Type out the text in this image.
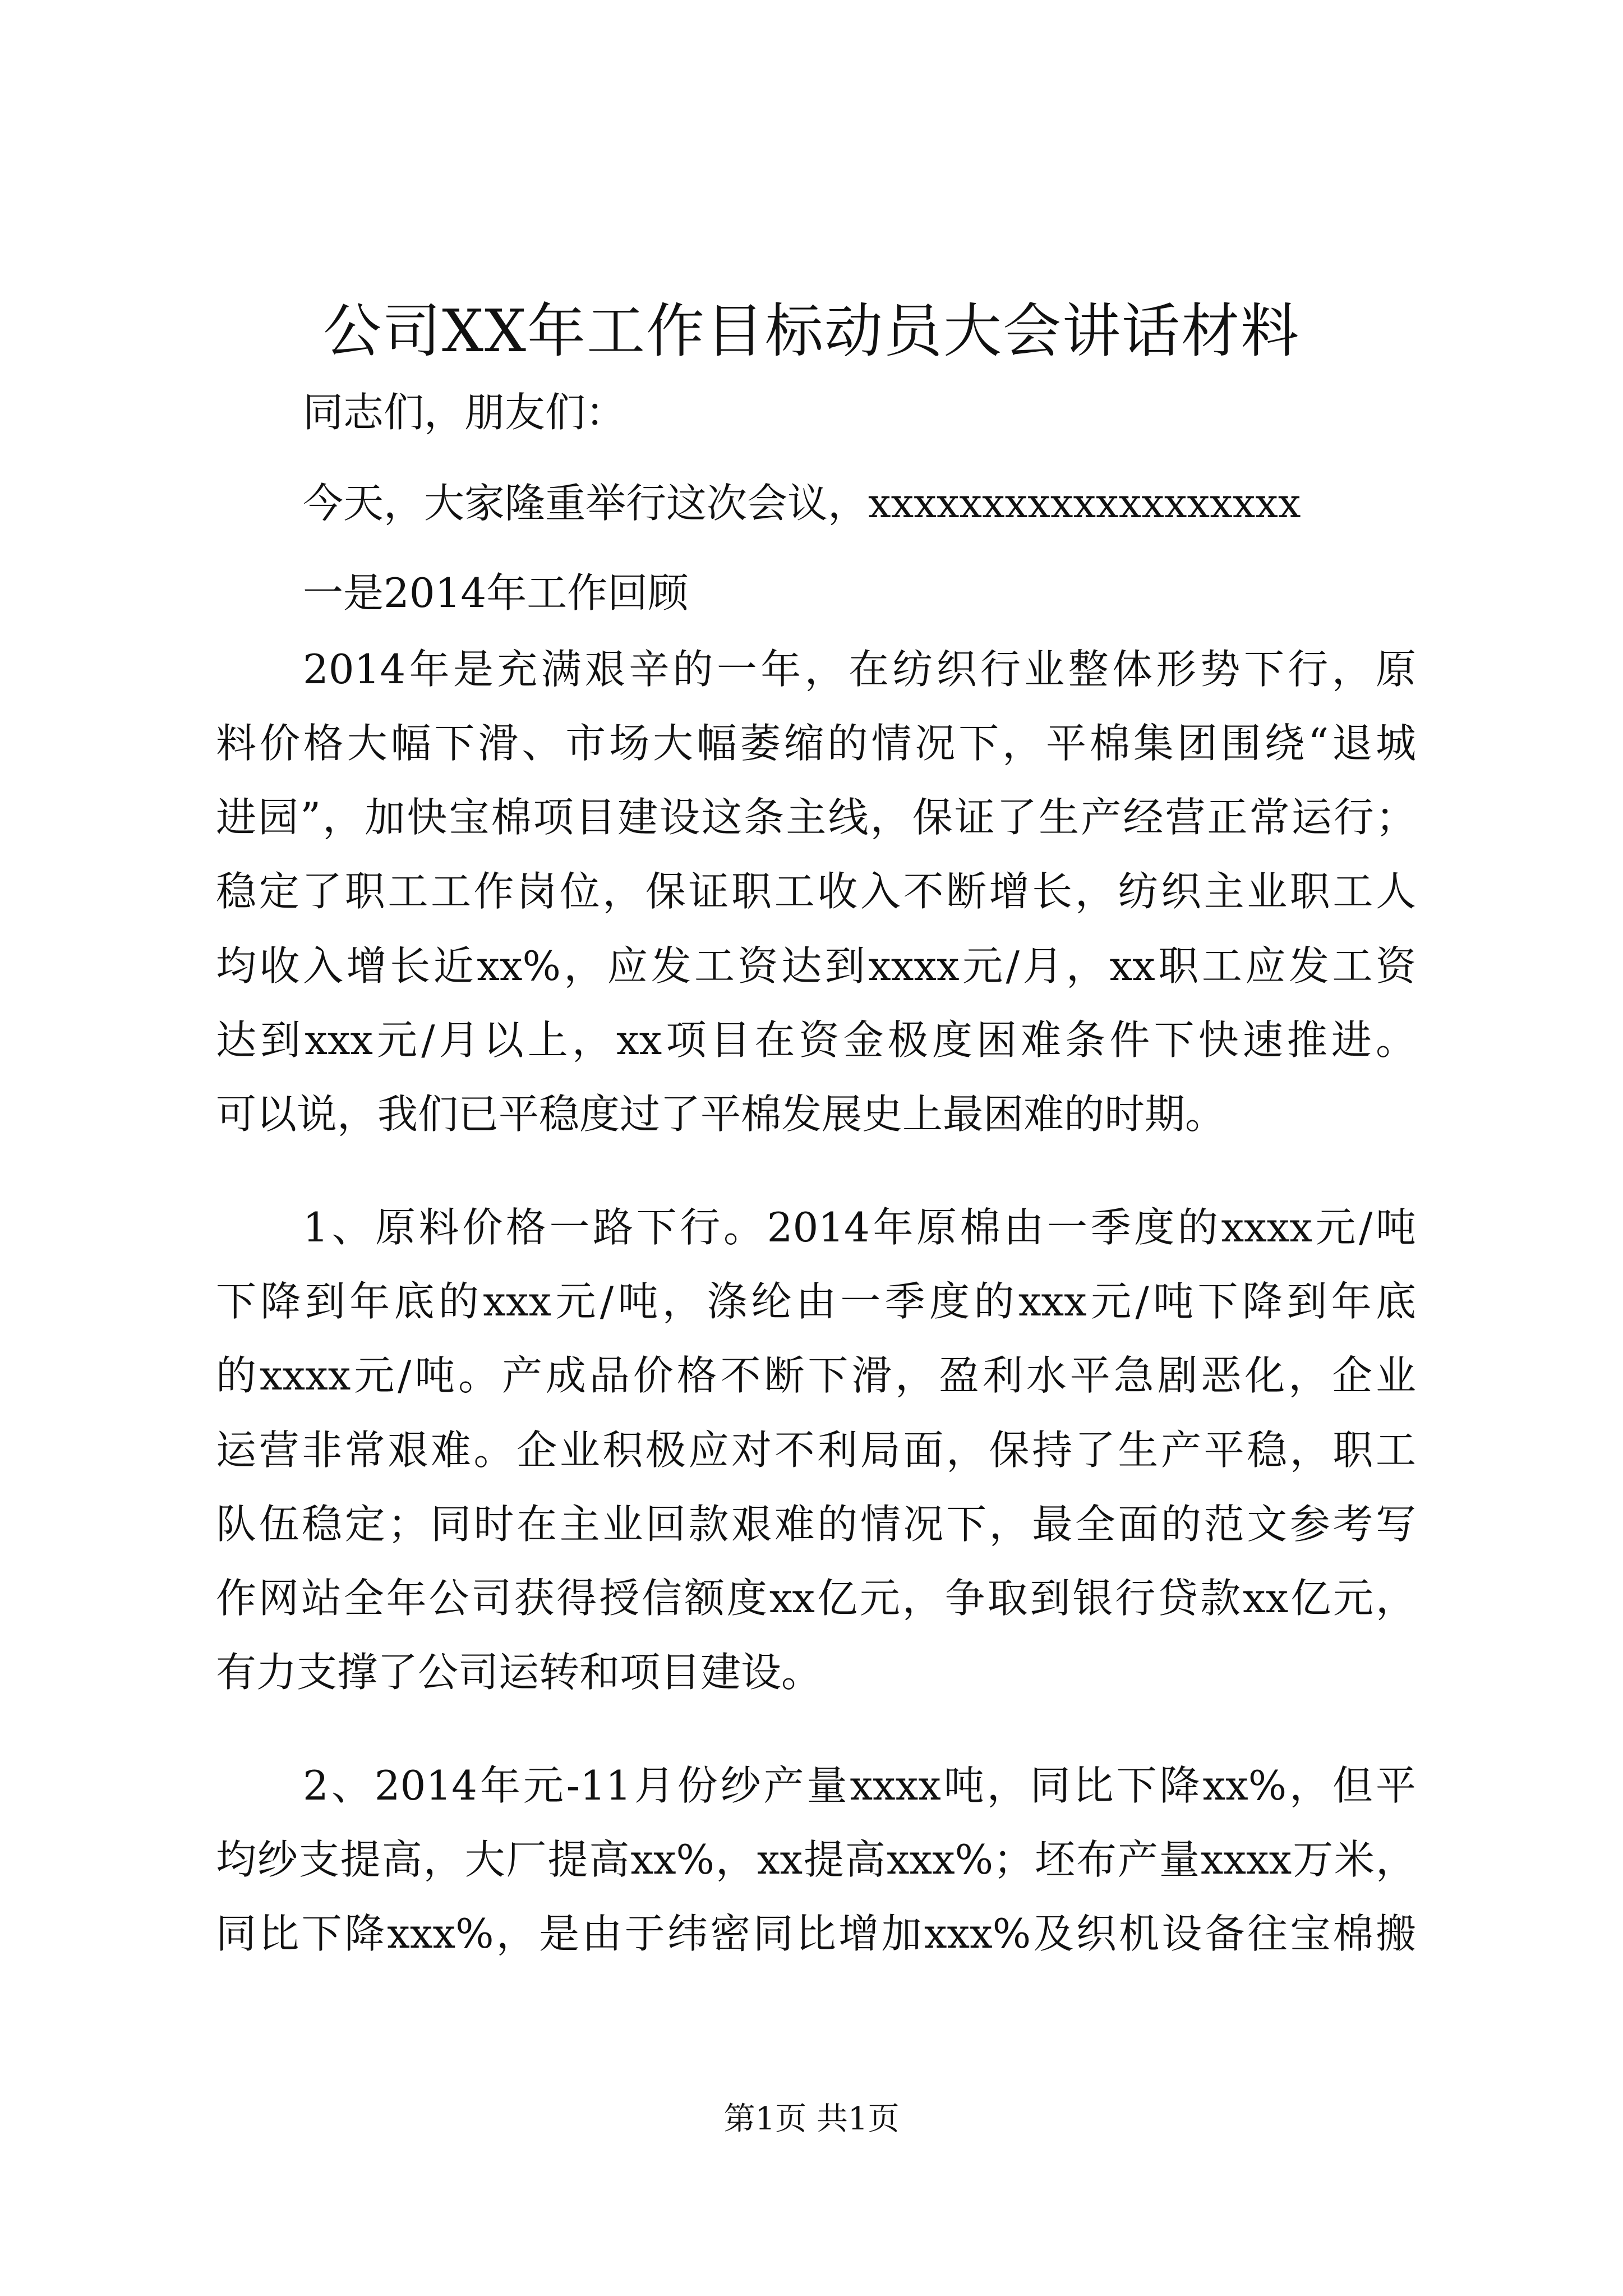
公司XX年工作目标动员大会讲话材料

同志们，朋友们：

今天，大家隆重举行这次会议，xxxxxxxxxxxxxxxxxxx

一是2014年工作回顾

2014年是充满艰辛的一年，在纺织行业整体形势下行，原

料价格大幅下滑、市场大幅萎缩的情况下，平棉集团围绕“退城

进园”，加快宝棉项目建设这条主线，保证了生产经营正常运行；

稳定了职工工作岗位，保证职工收入不断增长，纺织主业职工人

均收入增长近xx%，应发工资达到xxxx元/月，xx职工应发工资

达到xxx元/月以上，xx项目在资金极度困难条件下快速推进。

可以说，我们已平稳度过了平棉发展史上最困难的时期。

1、原料价格一路下行。2014年原棉由一季度的xxxx元/吨

下降到年底的xxx元/吨，涤纶由一季度的xxx元/吨下降到年底

的xxxx元/吨。产成品价格不断下滑，盈利水平急剧恶化，企业

运营非常艰难。企业积极应对不利局面，保持了生产平稳，职工

队伍稳定；同时在主业回款艰难的情况下，最全面的范文参考写

作网站全年公司获得授信额度xx亿元，争取到银行贷款xx亿元，

有力支撑了公司运转和项目建设。

2、2014年元-11月份纱产量xxxx吨，同比下降xx%，但平

均纱支提高，大厂提高xx%，xx提高xxx%；坯布产量xxxx万米，

同比下降xxx%，是由于纬密同比增加xxx%及织机设备往宝棉搬

第1页 共1页
